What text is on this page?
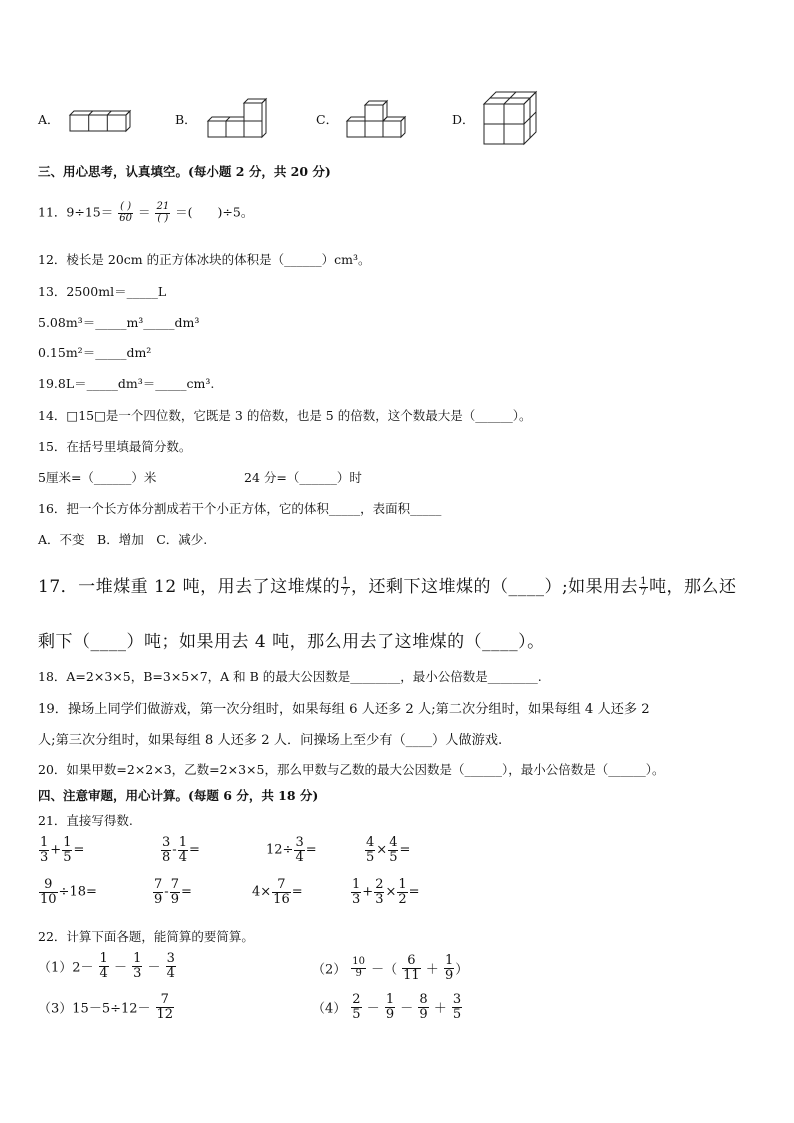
A．	B．	C．	D．
三、用心思考，认真填空。(每小题 2 分，共 20 分)
11．$9\div 15= \frac{( )}{60} = \frac{21}{( )}$ ＝(　　)÷5。
12．棱长是 20cm 的正方体冰块的体积是（______）cm³。
13．2500ml＝_____L
5.08m³＝_____m³_____dm³
0.15m²＝_____dm²
19.8L＝_____dm³＝_____cm³.
14．□15□是一个四位数，它既是 3 的倍数，也是 5 的倍数，这个数最大是（______）。
15．在括号里填最简分数。
5厘米=（______）米	24 分=（______）时
16．把一个长方体分割成若干个小正方体，它的体积_____，表面积_____
A．不变　B．增加　C．减少.
17．一堆煤重 12 吨，用去了这堆煤的 $\frac{1}{7}$ ，还剩下这堆煤的（____）;如果用去 $\frac{1}{7}$ 吨，那么还
剩下（____）吨；如果用去 4 吨，那么用去了这堆煤的（____）。
18．A=2×3×5，B=3×5×7，A 和 B 的最大公因数是________，最小公倍数是________.
19．操场上同学们做游戏，第一次分组时，如果每组 6 人还多 2 人;第二次分组时，如果每组 4 人还多 2
人;第三次分组时，如果每组 8 人还多 2 人．问操场上至少有（____）人做游戏.
20．如果甲数=2×2×3，乙数=2×3×5，那么甲数与乙数的最大公因数是（______），最小公倍数是（______）。
四、注意审题，用心计算。(每题 6 分，共 18 分)
21．直接写得数.
$\frac{1}{3} + \frac{1}{5}$ =	$\frac{3}{8} - \frac{1}{4}$ =	$12\div \frac{3}{4}$ =	$\frac{4}{5} \times \frac{4}{5}$ =
$\frac{9}{10} \div 18=$	$\frac{7}{9} - \frac{7}{9}$ =	$4\times \frac{7}{16}$ =	$\frac{1}{3} + \frac{2}{3} \times \frac{1}{2}$ =
22．计算下面各题，能简算的要简算。
$(1)2- \frac{1}{4} - \frac{1}{3} - \frac{3}{4}$	$(2) \frac{10}{9}$ －（ $\frac{6}{11} + \frac{1}{9}$ ）
$(3)15-5\div 12- \frac{7}{12}$	$(4) \frac{2}{5} - \frac{1}{9} - \frac{8}{9} + \frac{3}{5}$
